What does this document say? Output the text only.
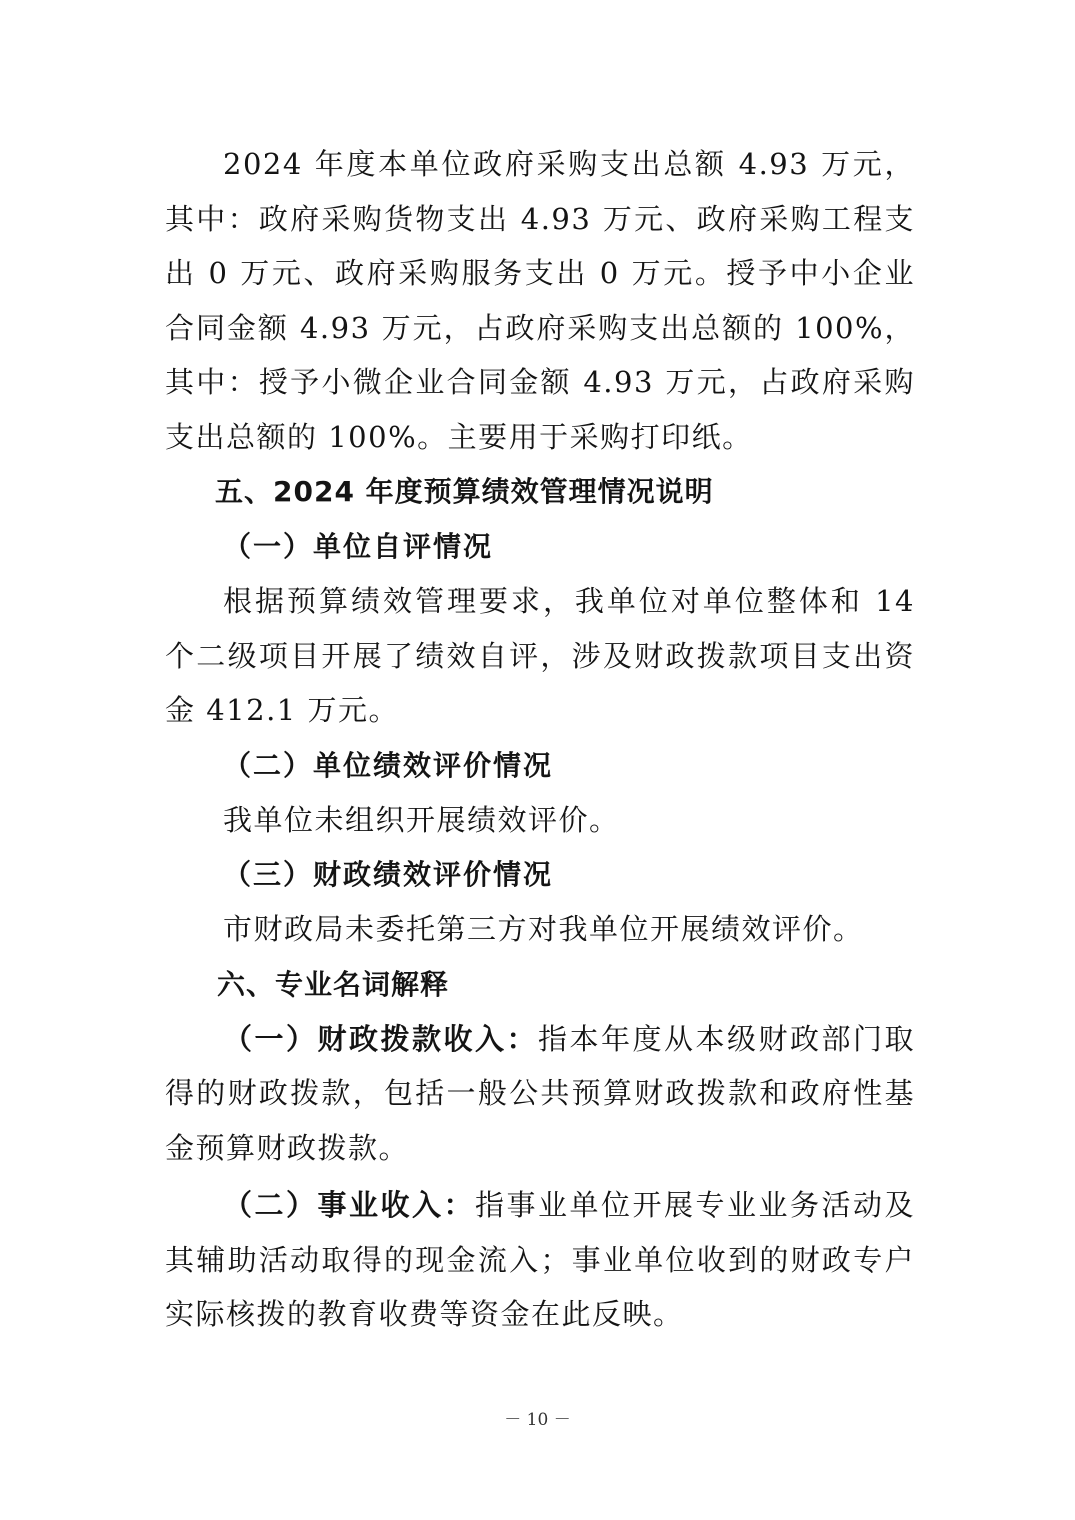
2024 年度本单位政府采购支出总额 4.93 万元，其中：政府采购货物支出 4.93 万元、政府采购工程支出 0 万元、政府采购服务支出 0 万元。授予中小企业合同金额 4.93 万元，占政府采购支出总额的 100%，其中：授予小微企业合同金额 4.93 万元，占政府采购支出总额的 100%。主要用于采购打印纸。

五、2024 年度预算绩效管理情况说明
（一）单位自评情况

根据预算绩效管理要求，我单位对单位整体和 14 个二级项目开展了绩效自评，涉及财政拨款项目支出资金 412.1 万元。

（二）单位绩效评价情况

我单位未组织开展绩效评价。

（三）财政绩效评价情况

市财政局未委托第三方对我单位开展绩效评价。

六、专业名词解释

（一）财政拨款收入：指本年度从本级财政部门取得的财政拨款，包括一般公共预算财政拨款和政府性基金预算财政拨款。

（二）事业收入：指事业单位开展专业业务活动及其辅助活动取得的现金流入；事业单位收到的财政专户实际核拨的教育收费等资金在此反映。

－ 10 －
